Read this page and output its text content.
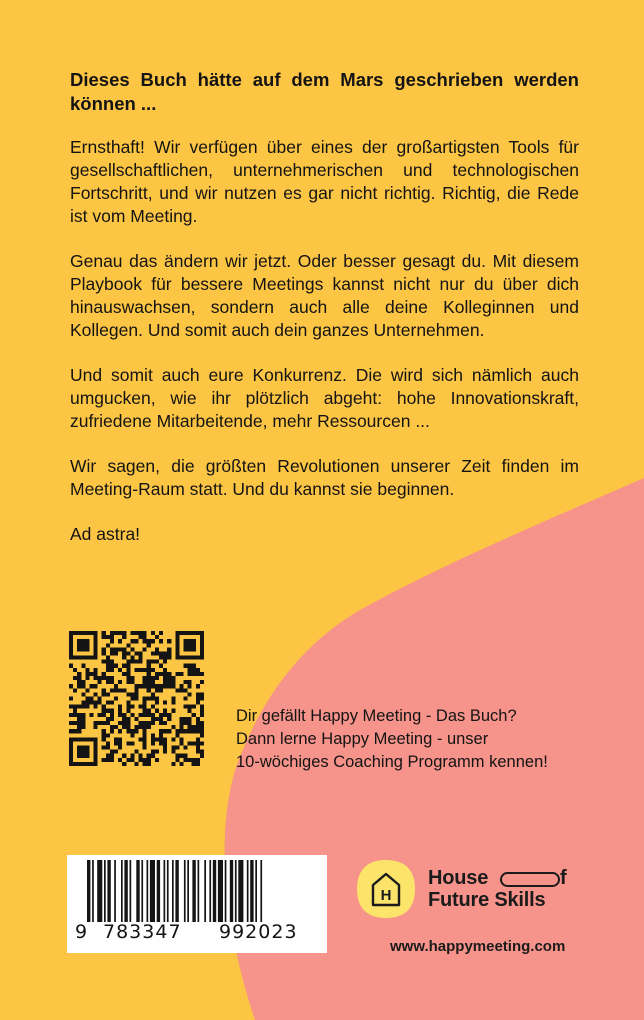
Dieses Buch hätte auf dem Mars geschrieben werden können ...

Ernsthaft! Wir verfügen über eines der großartigsten Tools für gesellschaftlichen, unternehmerischen und technologischen Fortschritt, und wir nutzen es gar nicht richtig. Richtig, die Rede ist vom Meeting.

Genau das ändern wir jetzt. Oder besser gesagt du. Mit diesem Playbook für bessere Meetings kannst nicht nur du über dich hinauswachsen, sondern auch alle deine Kolleginnen und Kollegen. Und somit auch dein ganzes Unternehmen.

Und somit auch eure Konkurrenz. Die wird sich nämlich auch umgucken, wie ihr plötzlich abgeht: hohe Innovationskraft, zufriedene Mitarbeitende, mehr Ressourcen ...

Wir sagen, die größten Revolutionen unserer Zeit finden im Meeting-Raum statt. Und du kannst sie beginnen.

Ad astra!

Dir gefällt Happy Meeting - Das Buch?
Dann lerne Happy Meeting - unser
10-wöchiges Coaching Programm kennen!
9 783347 992023
H
House	f
Future Skills
www.happymeeting.com
